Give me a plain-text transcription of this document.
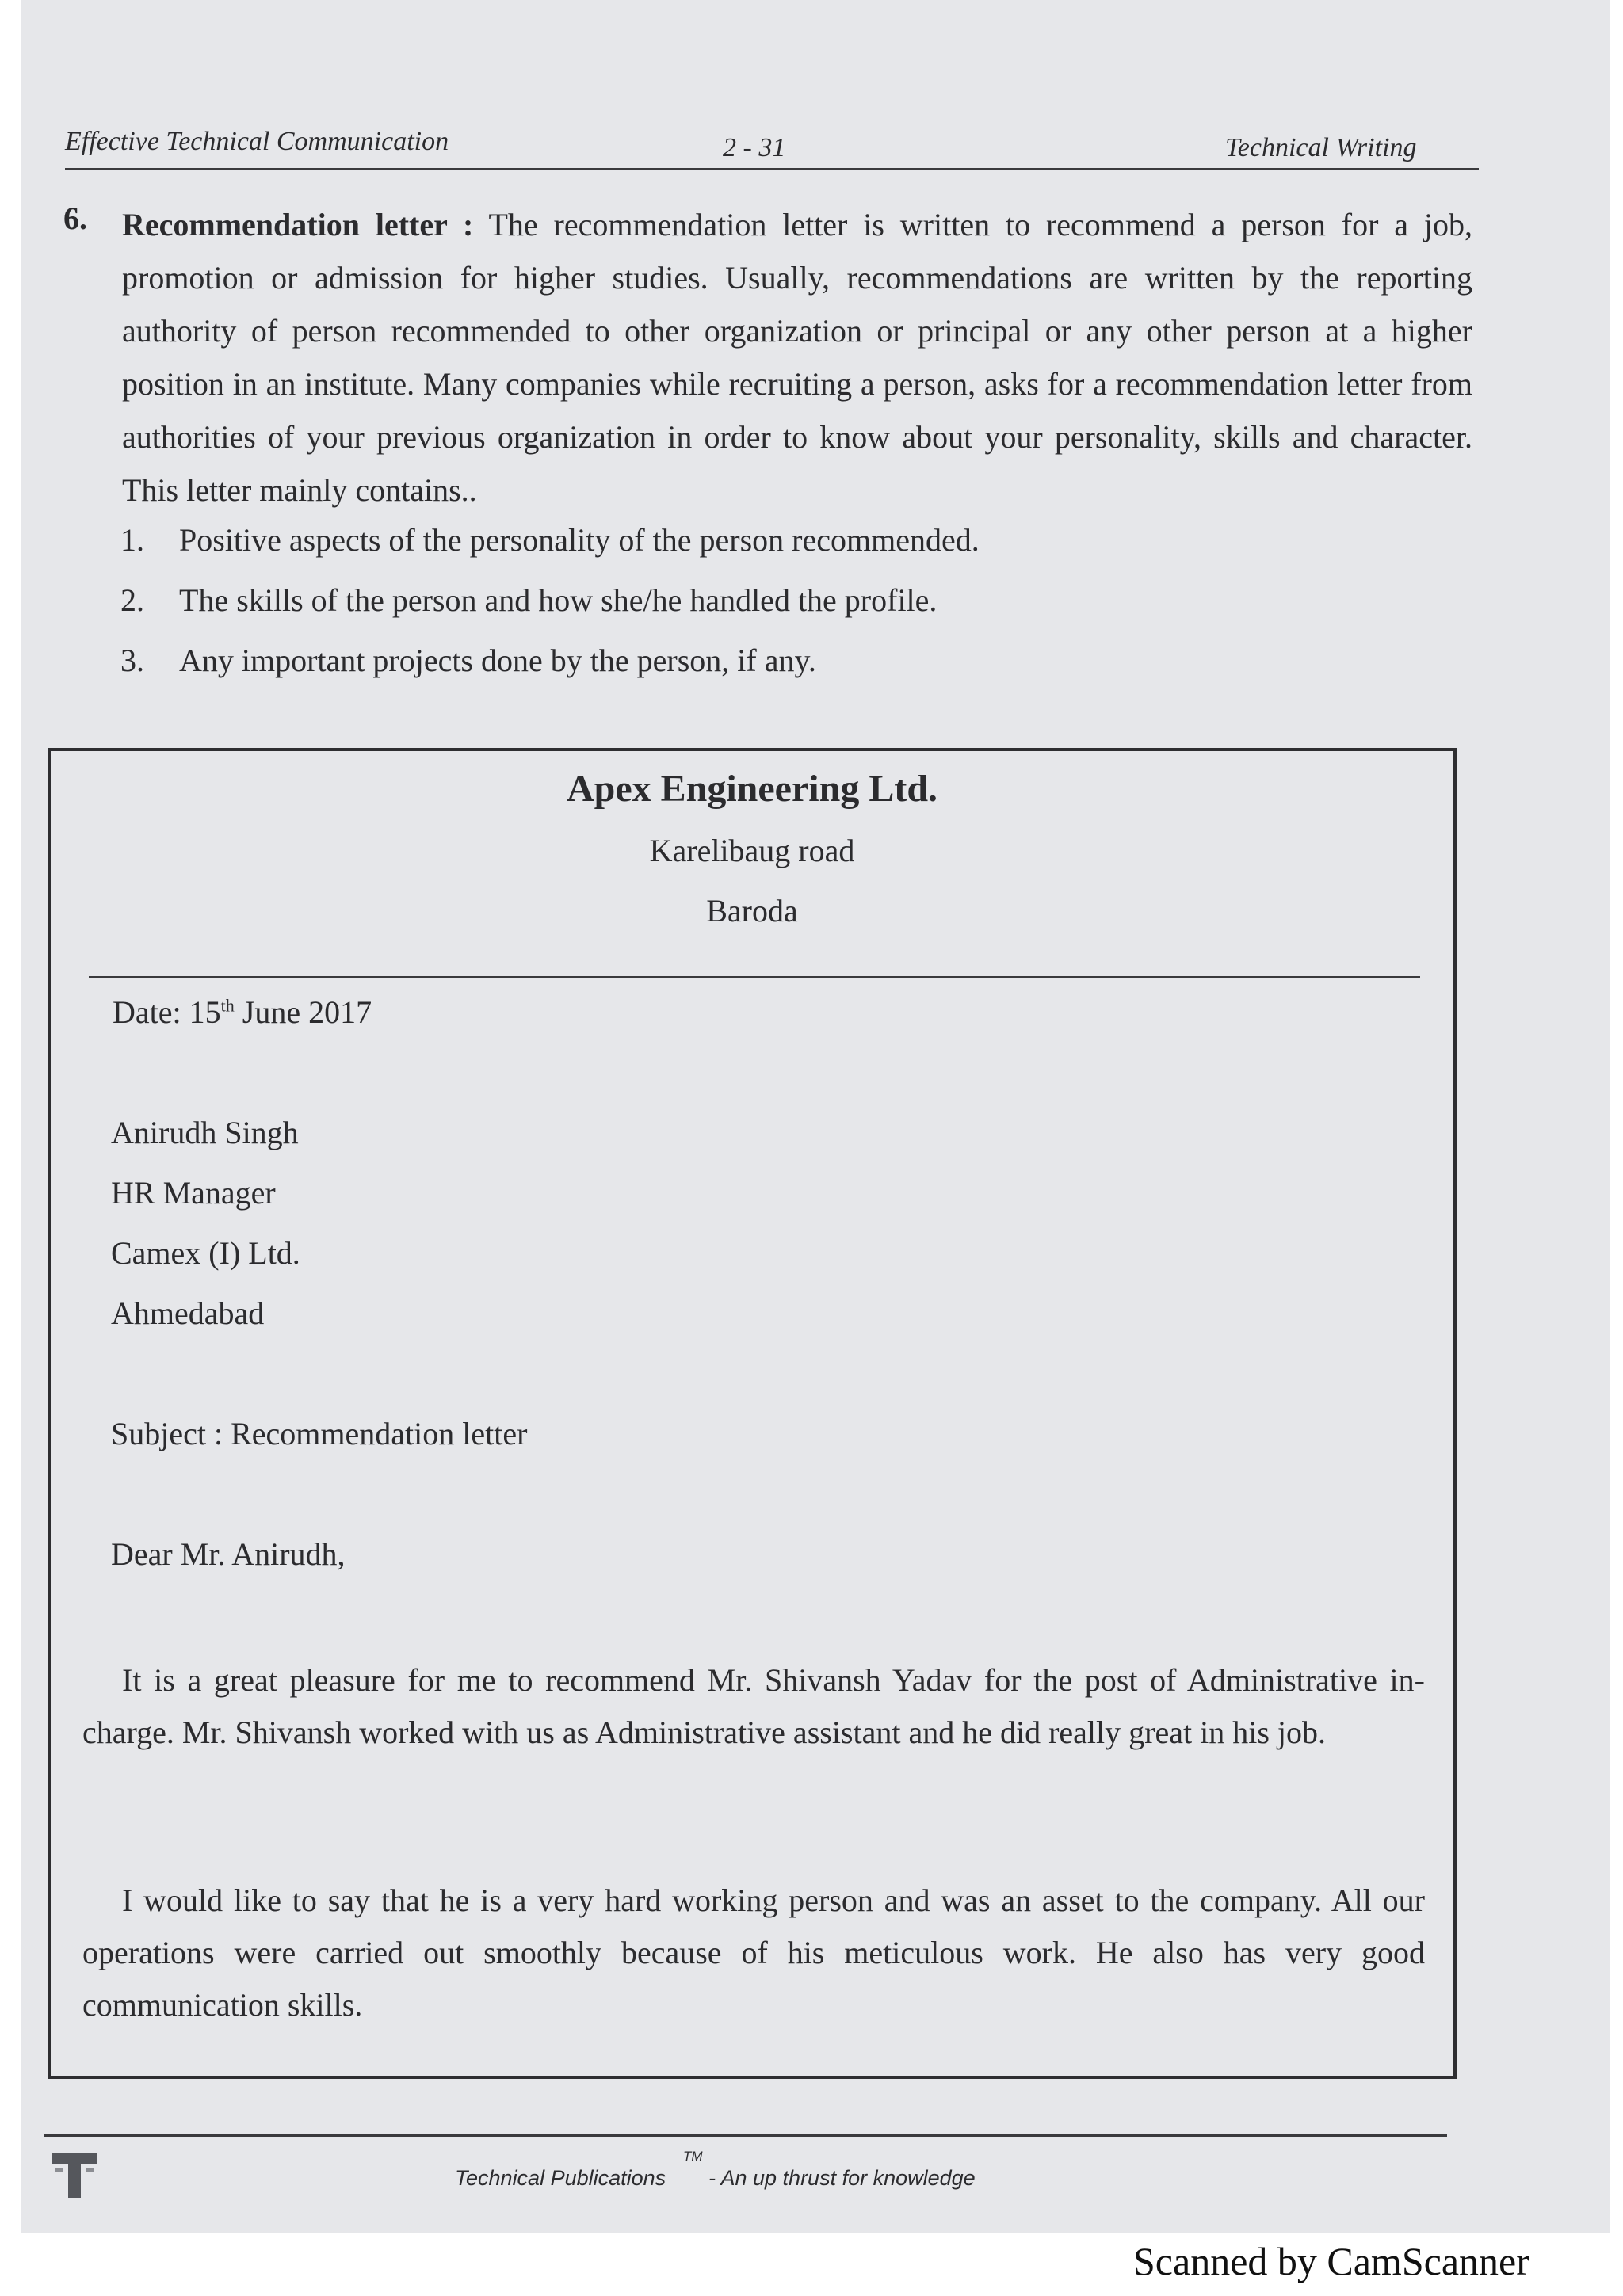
Effective Technical Communication	2 - 31	Technical Writing
6. Recommendation letter : The recommendation letter is written to recommend a person for a job, promotion or admission for higher studies. Usually, recommendations are written by the reporting authority of person recommended to other organization or principal or any other person at a higher position in an institute. Many companies while recruiting a person, asks for a recommendation letter from authorities of your previous organization in order to know about your personality, skills and character. This letter mainly contains..
1. Positive aspects of the personality of the person recommended.
2. The skills of the person and how she/he handled the profile.
3. Any important projects done by the person, if any.
Apex Engineering Ltd.
Karelibaug road
Baroda
Date: 15th June 2017
Anirudh Singh
HR Manager
Camex (I) Ltd.
Ahmedabad
Subject : Recommendation letter
Dear Mr. Anirudh,
It is a great pleasure for me to recommend Mr. Shivansh Yadav for the post of Administrative in-charge. Mr. Shivansh worked with us as Administrative assistant and he did really great in his job.
I would like to say that he is a very hard working person and was an asset to the company. All our operations were carried out smoothly because of his meticulous work. He also has very good communication skills.
Technical Publications
TM
- An up thrust for knowledge
Scanned by CamScanner
